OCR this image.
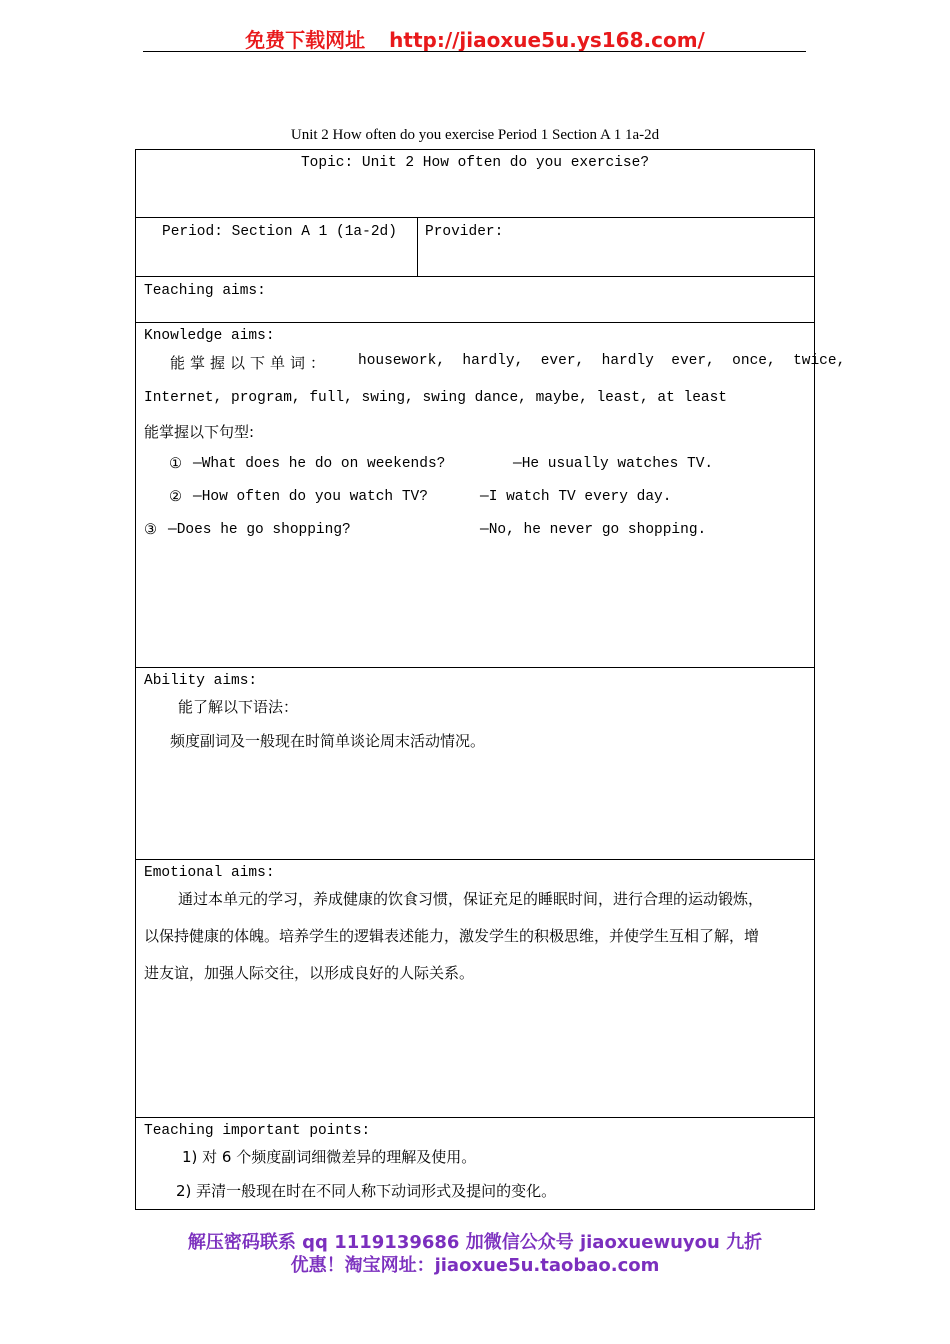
免费下载网址 http://jiaoxue5u.ys168.com/
Unit 2 How often do you exercise Period 1 Section A 1 1a-2d
Topic: Unit 2 How often do you exercise?
Period: Section A 1 (1a-2d) Provider:
Teaching aims:
Knowledge aims:
能掌握以下单词： housework,  hardly,  ever,  hardly  ever,  once,  twice,
Internet, program, full, swing, swing dance, maybe, least, at least
能掌握以下句型:
① —What does he do on weekends?	—He usually watches TV.
② —How often do you watch TV?	—I watch TV every day.
③ —Does he go shopping?	—No, he never go shopping.
Ability aims:
能了解以下语法：
频度副词及一般现在时简单谈论周末活动情况。
Emotional aims:
通过本单元的学习，养成健康的饮食习惯，保证充足的睡眠时间，进行合理的运动锻炼，
以保持健康的体魄。培养学生的逻辑表述能力，激发学生的积极思维，并使学生互相了解，增
进友谊，加强人际交往，以形成良好的人际关系。
Teaching important points:
1) 对 6 个频度副词细微差异的理解及使用。
2) 弄清一般现在时在不同人称下动词形式及提问的变化。
解压密码联系 qq 1119139686 加微信公众号 jiaoxuewuyou 九折
优惠！淘宝网址：jiaoxue5u.taobao.com
